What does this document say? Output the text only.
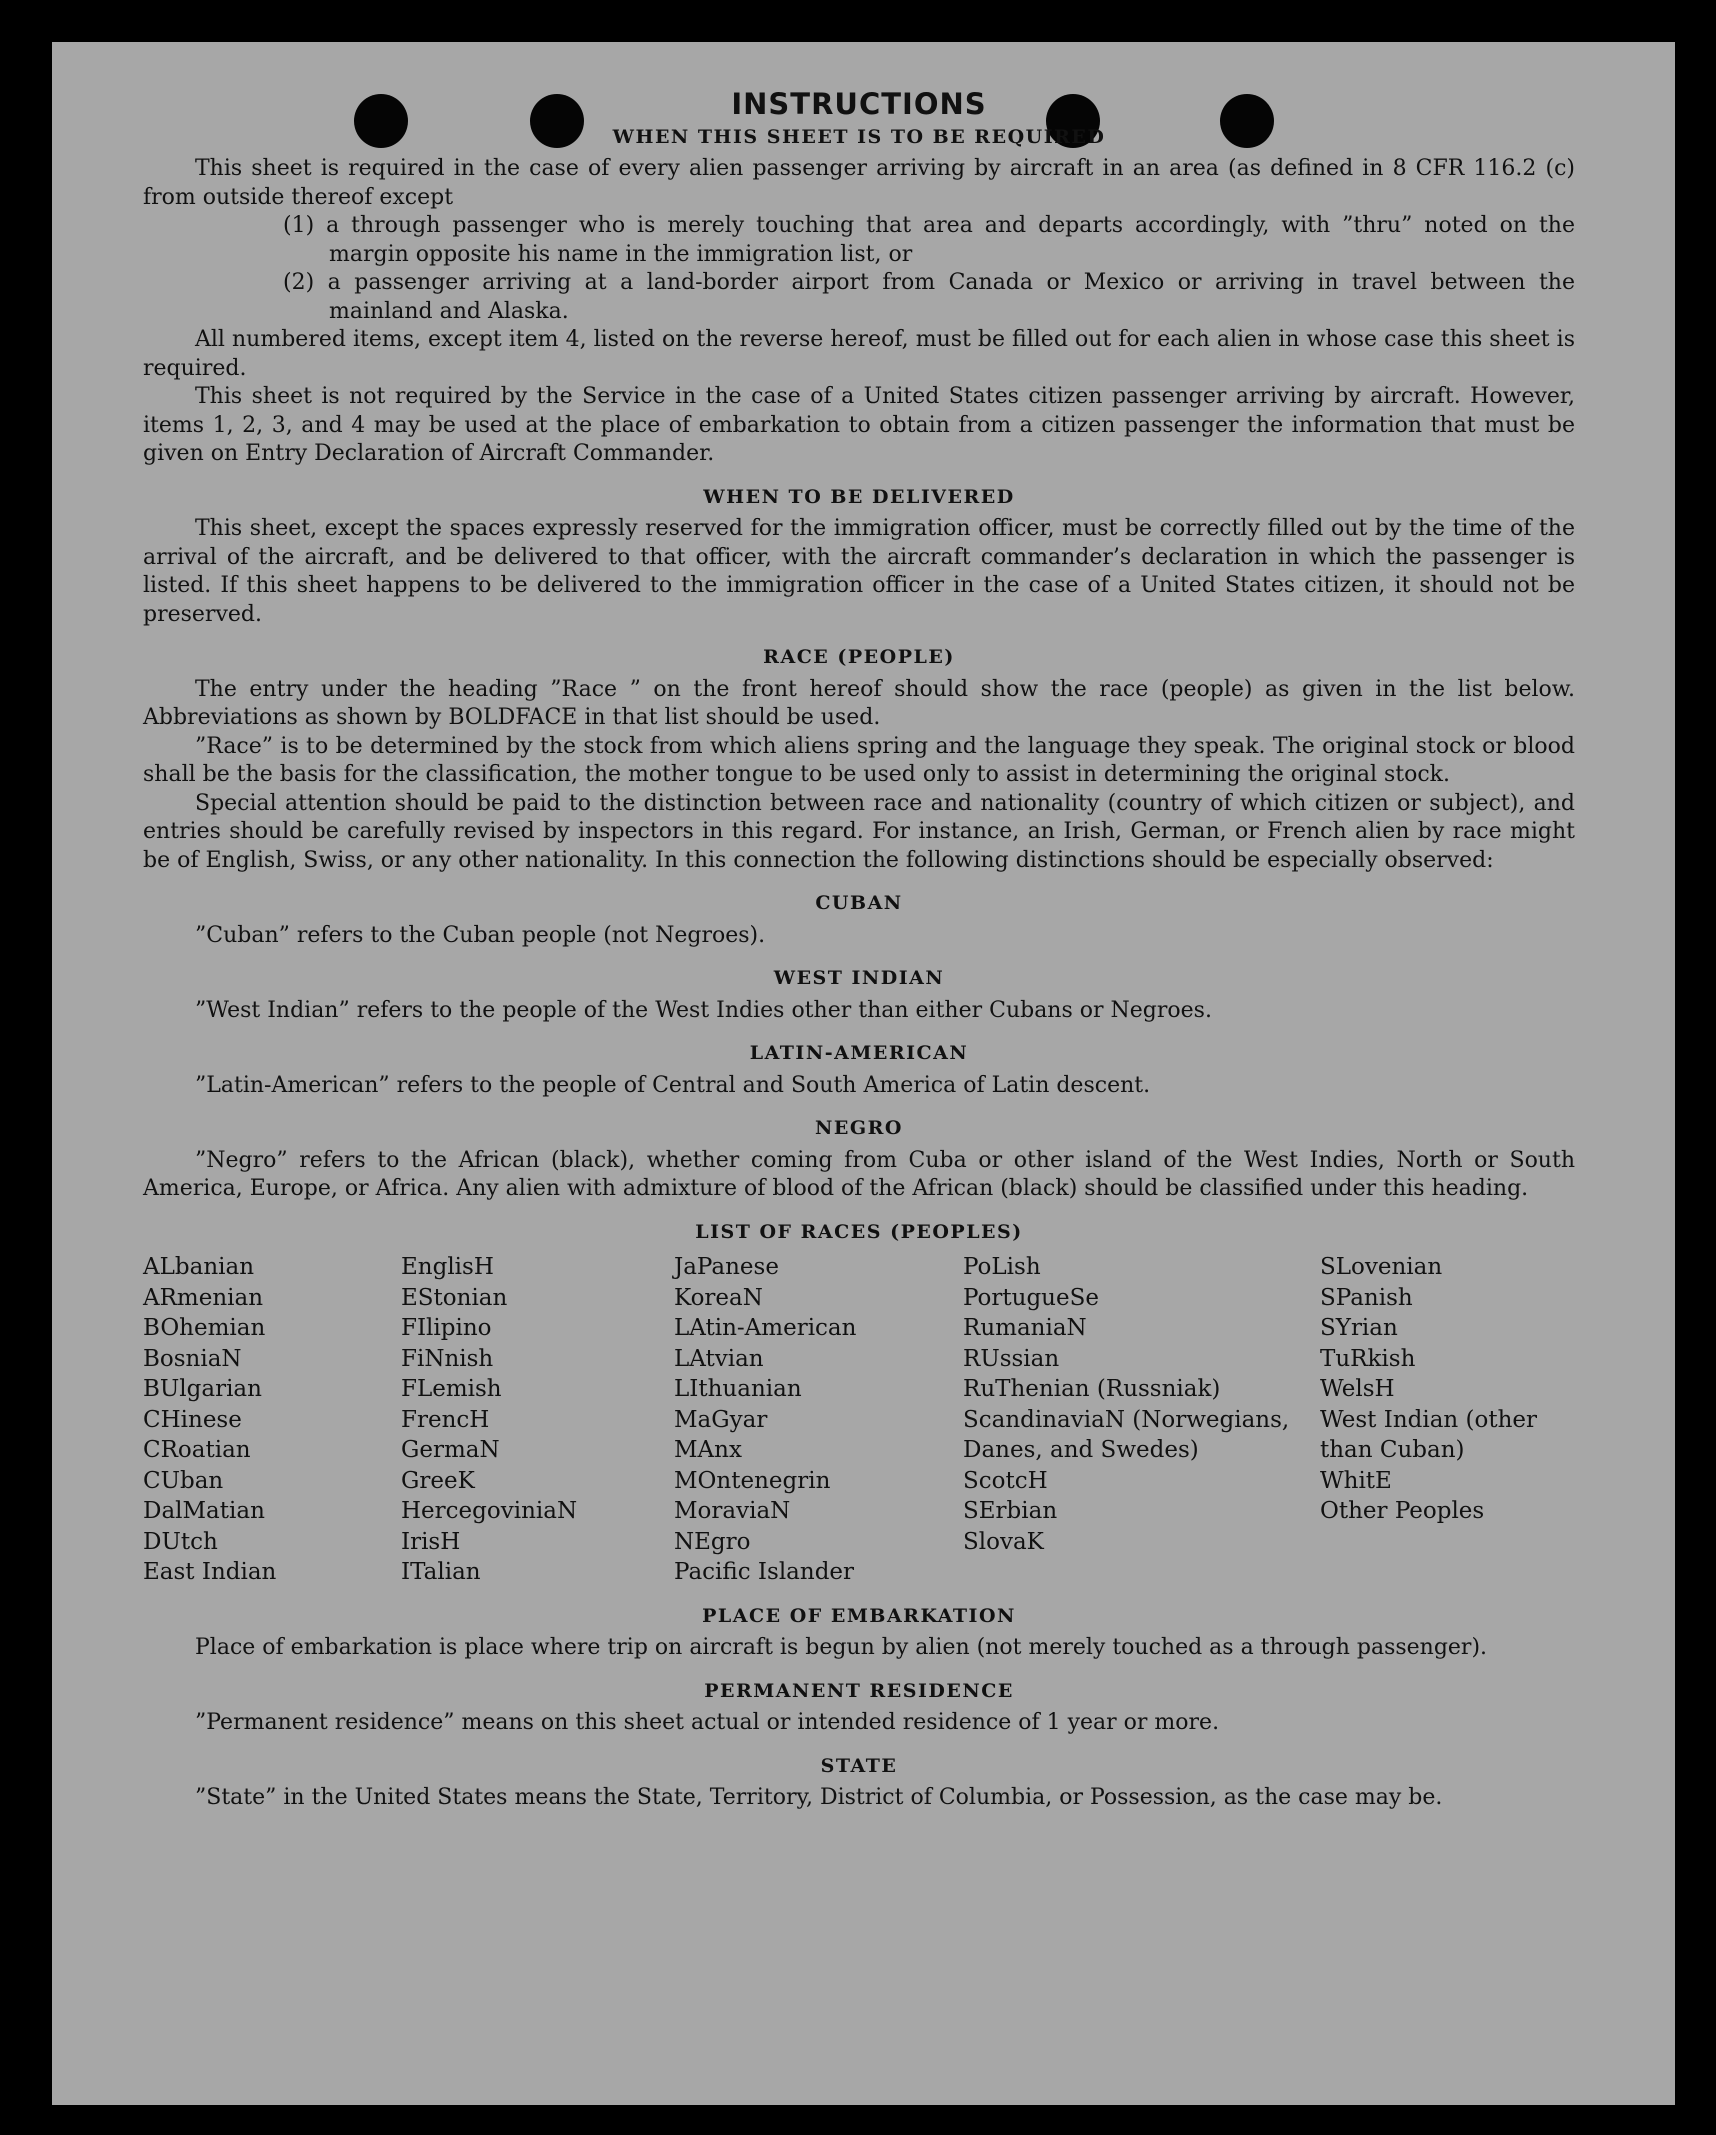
INSTRUCTIONS
WHEN THIS SHEET IS TO BE REQUIRED

This sheet is required in the case of every alien passenger arriving by aircraft in an area (as defined in 8 CFR 116.2 (c) from outside thereof except

(1) a through passenger who is merely touching that area and departs accordingly, with ”thru” noted on the margin opposite his name in the immigration list, or

(2) a passenger arriving at a land-border airport from Canada or Mexico or arriving in travel between the mainland and Alaska.

All numbered items, except item 4, listed on the reverse hereof, must be filled out for each alien in whose case this sheet is required.

This sheet is not required by the Service in the case of a United States citizen passenger arriving by aircraft. However, items 1, 2, 3, and 4 may be used at the place of embarkation to obtain from a citizen passenger the information that must be given on Entry Declaration of Aircraft Commander.

WHEN TO BE DELIVERED

This sheet, except the spaces expressly reserved for the immigration officer, must be correctly filled out by the time of the arrival of the aircraft, and be delivered to that officer, with the aircraft commander’s declaration in which the passenger is listed. If this sheet happens to be delivered to the immigration officer in the case of a United States citizen, it should not be preserved.

RACE (PEOPLE)

The entry under the heading ”Race ” on the front hereof should show the race (people) as given in the list below. Abbreviations as shown by BOLDFACE in that list should be used.

”Race” is to be determined by the stock from which aliens spring and the language they speak. The original stock or blood shall be the basis for the classification, the mother tongue to be used only to assist in determining the original stock.

Special attention should be paid to the distinction between race and nationality (country of which citizen or subject), and entries should be carefully revised by inspectors in this regard. For instance, an Irish, German, or French alien by race might be of English, Swiss, or any other nationality. In this connection the following distinctions should be especially observed:

CUBAN

”Cuban” refers to the Cuban people (not Negroes).

WEST INDIAN

”West Indian” refers to the people of the West Indies other than either Cubans or Negroes.

LATIN-AMERICAN

”Latin-American” refers to the people of Central and South America of Latin descent.

NEGRO

”Negro” refers to the African (black), whether coming from Cuba or other island of the West Indies, North or South America, Europe, or Africa. Any alien with admixture of blood of the African (black) should be classified under this heading.

LIST OF RACES (PEOPLES)
ALbanian
ARmenian
BOhemian
BosniaN
BUlgarian
CHinese
CRoatian
CUban
DalMatian
DUtch
East Indian
EnglisH
EStonian
FIlipino
FiNnish
FLemish
FrencH
GermaN
GreeK
HercegoviniaN
IrisH
ITalian
JaPanese
KoreaN
LAtin-American
LAtvian
LIthuanian
MaGyar
MAnx
MOntenegrin
MoraviaN
NEgro
Pacific Islander
PoLish
PortugueSe
RumaniaN
RUssian
RuThenian (Russniak)
ScandinaviaN (Norwegians, Danes, and Swedes)
ScotcH
SErbian
SlovaK
SLovenian
SPanish
SYrian
TuRkish
WelsH
West Indian (other than Cuban)
WhitE
Other Peoples
PLACE OF EMBARKATION

Place of embarkation is place where trip on aircraft is begun by alien (not merely touched as a through passenger).

PERMANENT RESIDENCE

”Permanent residence” means on this sheet actual or intended residence of 1 year or more.

STATE

”State” in the United States means the State, Territory, District of Columbia, or Possession, as the case may be.
